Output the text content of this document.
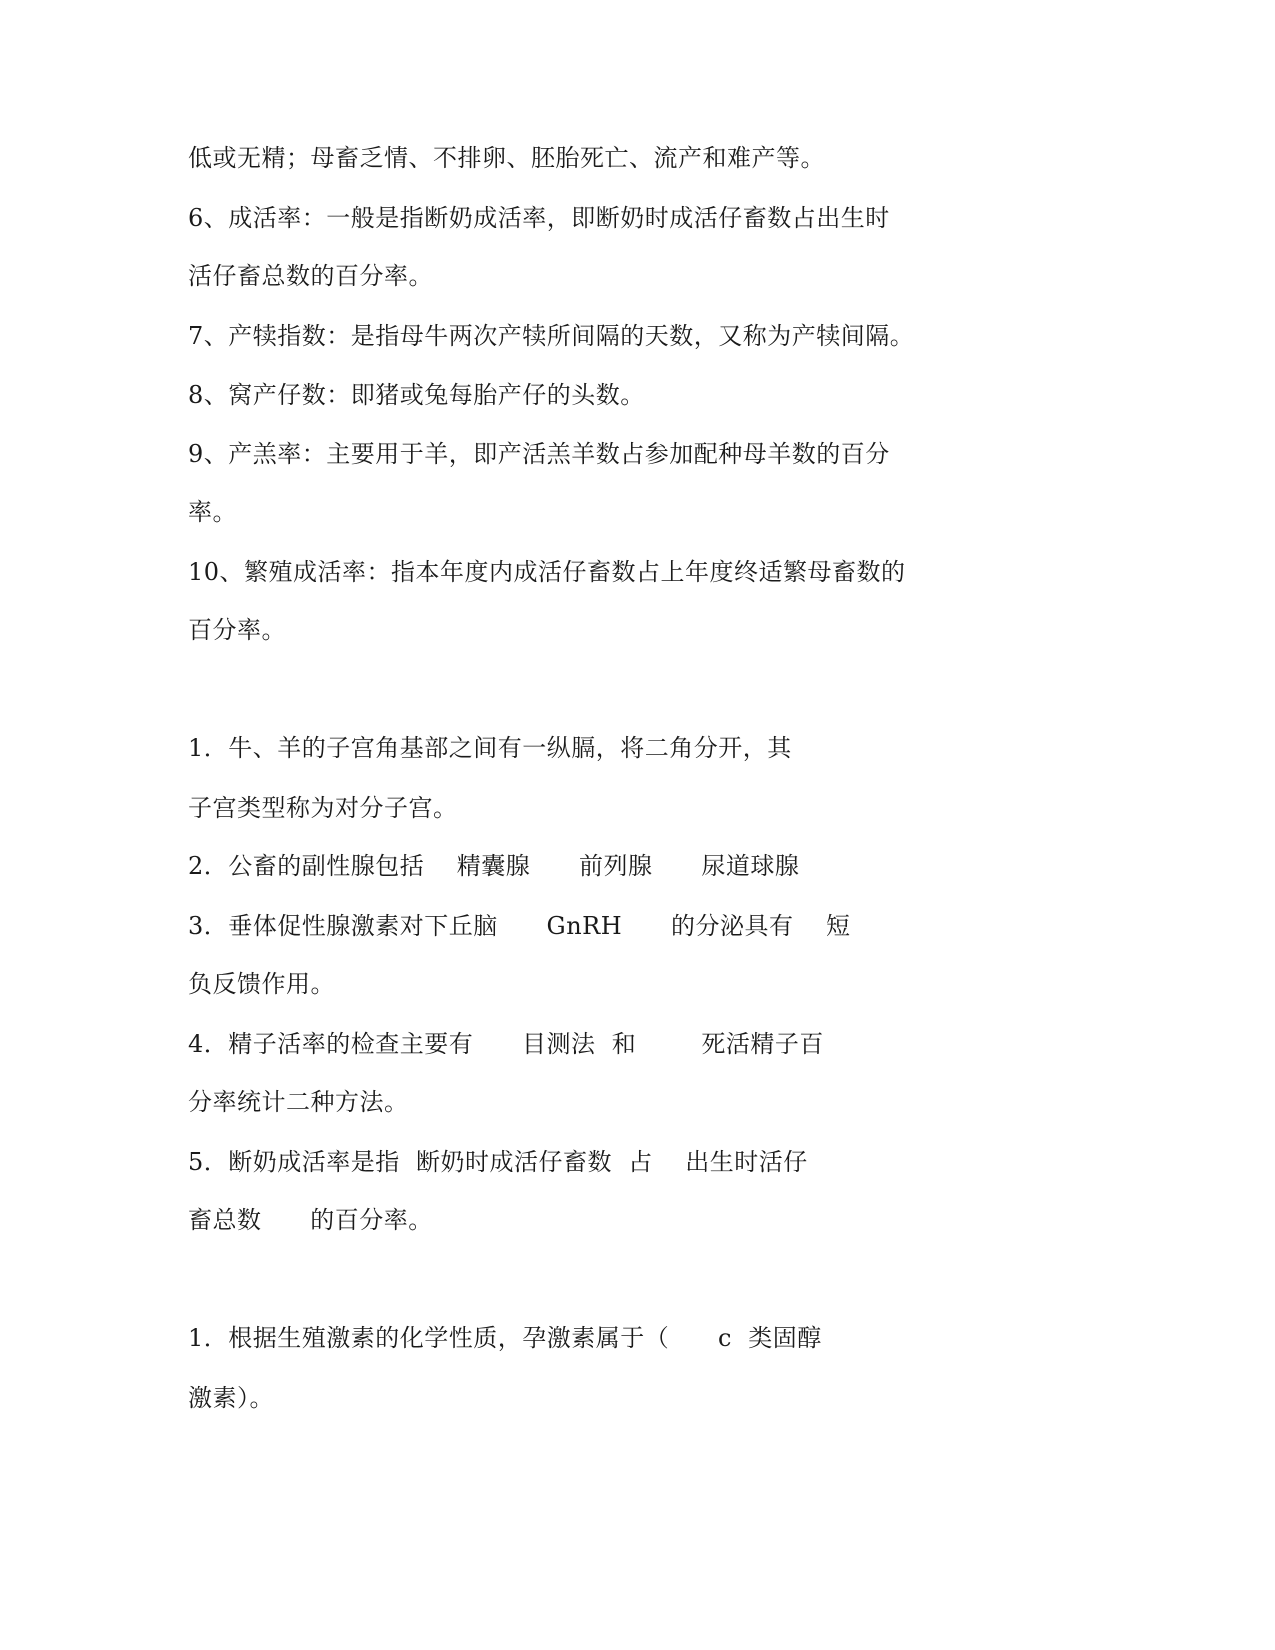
低或无精；母畜乏情、不排卵、胚胎死亡、流产和难产等。
6、成活率：一般是指断奶成活率，即断奶时成活仔畜数占出生时
活仔畜总数的百分率。
7、产犊指数：是指母牛两次产犊所间隔的天数，又称为产犊间隔。
8、窝产仔数：即猪或兔每胎产仔的头数。
9、产羔率：主要用于羊，即产活羔羊数占参加配种母羊数的百分
率。
10、繁殖成活率：指本年度内成活仔畜数占上年度终适繁母畜数的
百分率。
1．牛、羊的子宫角基部之间有一纵膈，将二角分开，其
子宫类型称为对分子宫。
2．公畜的副性腺包括    精囊腺      前列腺      尿道球腺
3．垂体促性腺激素对下丘脑      GnRH      的分泌具有    短
负反馈作用。
4．精子活率的检查主要有      目测法  和        死活精子百
分率统计二种方法。
5．断奶成活率是指  断奶时成活仔畜数  占    出生时活仔
畜总数      的百分率。
1．根据生殖激素的化学性质，孕激素属于（      c  类固醇
激素）。
